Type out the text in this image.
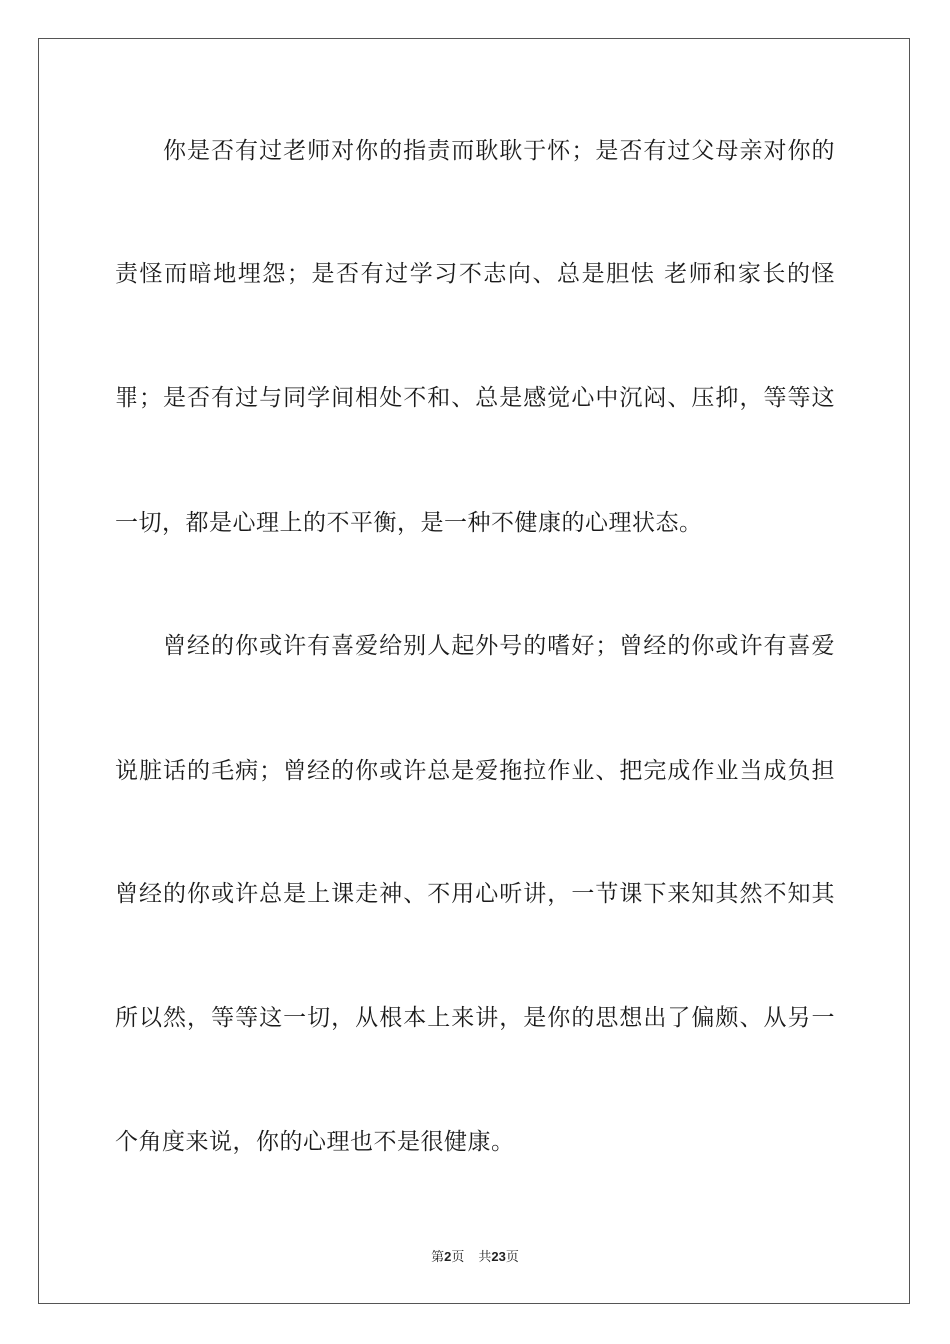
你是否有过老师对你的指责而耿耿于怀；是否有过父母亲对你的
责怪而暗地埋怨；是否有过学习不志向、总是胆怯 老师和家长的怪
罪；是否有过与同学间相处不和、总是感觉心中沉闷、压抑，等等这
一切，都是心理上的不平衡，是一种不健康的心理状态。
曾经的你或许有喜爱给别人起外号的嗜好；曾经的你或许有喜爱
说脏话的毛病；曾经的你或许总是爱拖拉作业、把完成作业当成负担
曾经的你或许总是上课走神、不用心听讲，一节课下来知其然不知其
所以然，等等这一切，从根本上来讲，是你的思想出了偏颇、从另一
个角度来说，你的心理也不是很健康。
第2页 共23页
